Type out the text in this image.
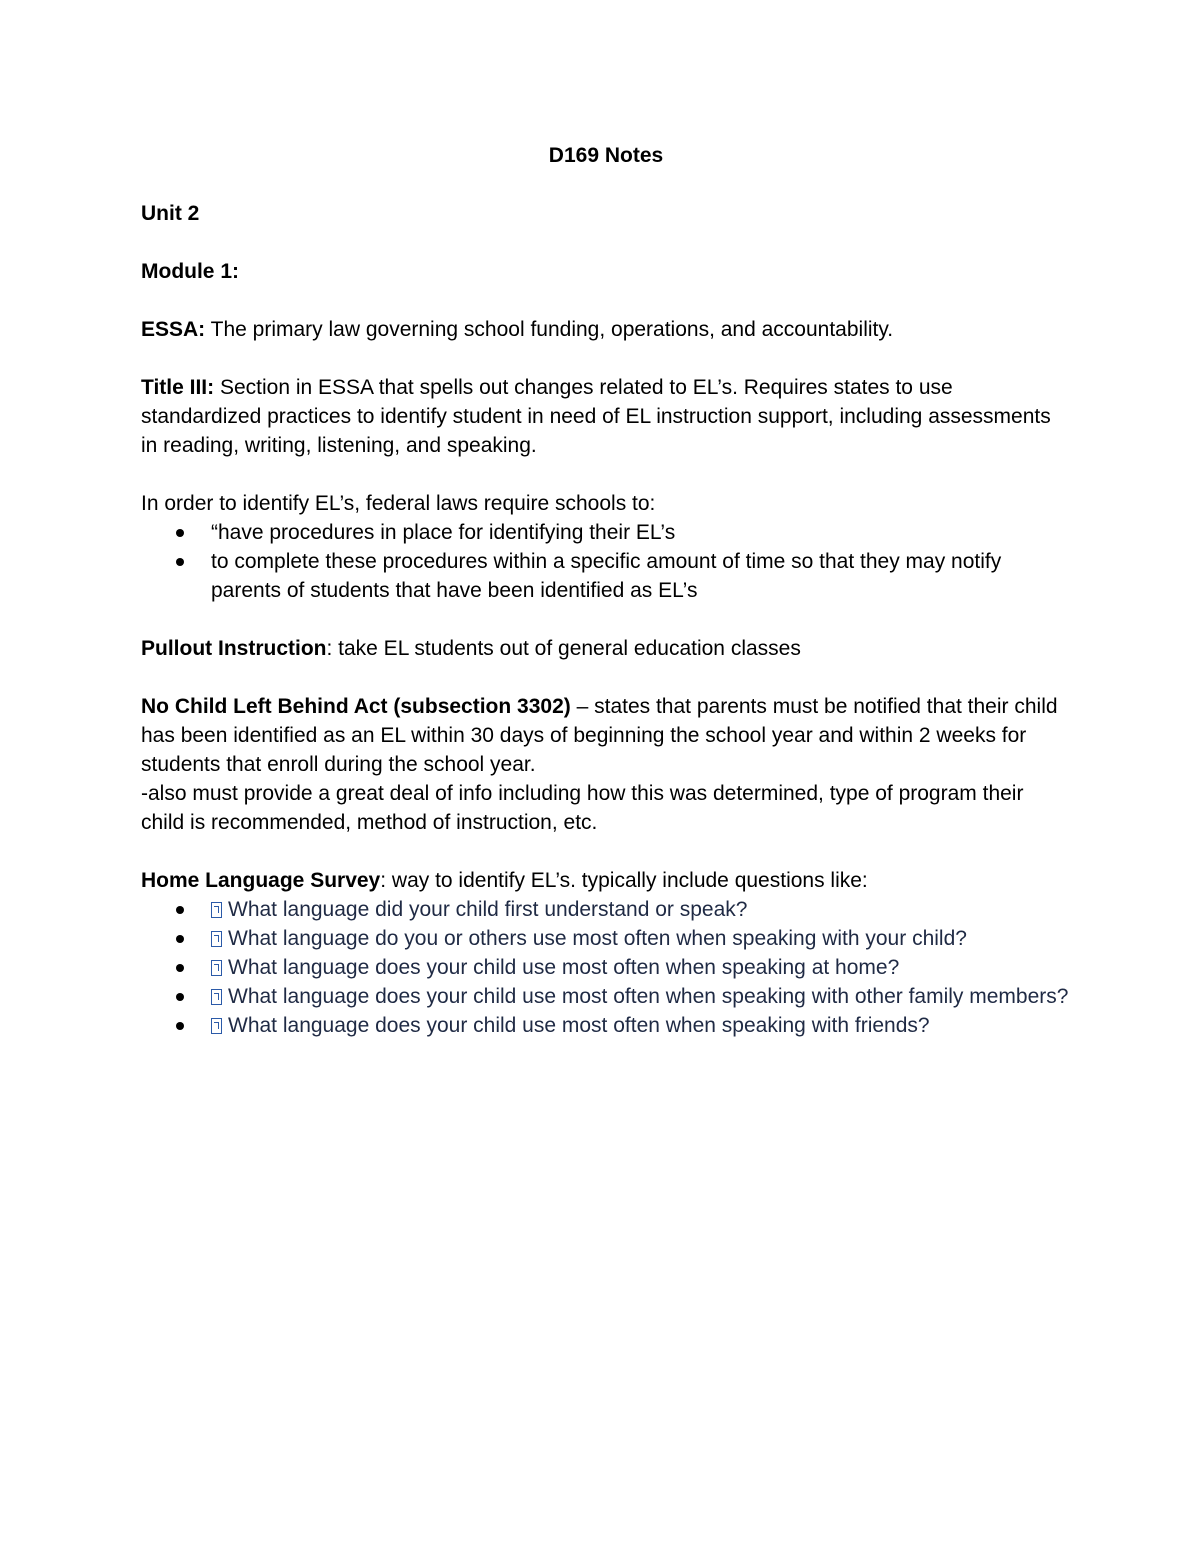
D169 Notes

Unit 2

Module 1:

ESSA: The primary law governing school funding, operations, and accountability.

Title III: Section in ESSA that spells out changes related to EL’s. Requires states to use standardized practices to identify student in need of EL instruction support, including assessments in reading, writing, listening, and speaking.

In order to identify EL’s, federal laws require schools to:

“have procedures in place for identifying their EL’s
to complete these procedures within a specific amount of time so that they may notify parents of students that have been identified as EL’s

Pullout Instruction: take EL students out of general education classes

No Child Left Behind Act (subsection 3302) – states that parents must be notified that their child has been identified as an EL within 30 days of beginning the school year and within 2 weeks for students that enroll during the school year.

-also must provide a great deal of info including how this was determined, type of program their child is recommended, method of instruction, etc.

Home Language Survey: way to identify EL’s. typically include questions like:

What language did your child first understand or speak?
What language do you or others use most often when speaking with your child?
What language does your child use most often when speaking at home?
What language does your child use most often when speaking with other family members?
What language does your child use most often when speaking with friends?
